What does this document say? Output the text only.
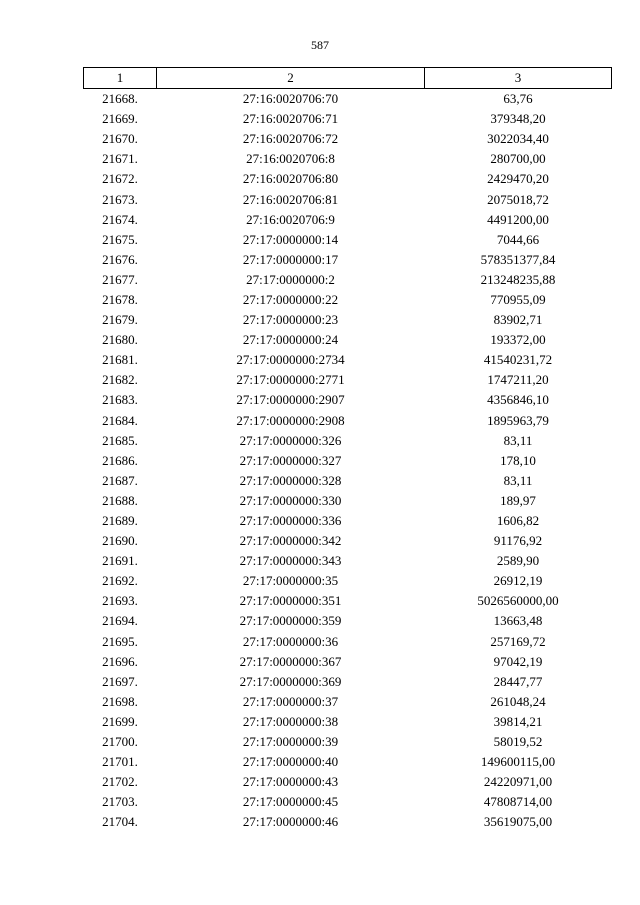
587
1	2	3
21668.	27:16:0020706:70	63,76
21669.	27:16:0020706:71	379348,20
21670.	27:16:0020706:72	3022034,40
21671.	27:16:0020706:8	280700,00
21672.	27:16:0020706:80	2429470,20
21673.	27:16:0020706:81	2075018,72
21674.	27:16:0020706:9	4491200,00
21675.	27:17:0000000:14	7044,66
21676.	27:17:0000000:17	578351377,84
21677.	27:17:0000000:2	213248235,88
21678.	27:17:0000000:22	770955,09
21679.	27:17:0000000:23	83902,71
21680.	27:17:0000000:24	193372,00
21681.	27:17:0000000:2734	41540231,72
21682.	27:17:0000000:2771	1747211,20
21683.	27:17:0000000:2907	4356846,10
21684.	27:17:0000000:2908	1895963,79
21685.	27:17:0000000:326	83,11
21686.	27:17:0000000:327	178,10
21687.	27:17:0000000:328	83,11
21688.	27:17:0000000:330	189,97
21689.	27:17:0000000:336	1606,82
21690.	27:17:0000000:342	91176,92
21691.	27:17:0000000:343	2589,90
21692.	27:17:0000000:35	26912,19
21693.	27:17:0000000:351	5026560000,00
21694.	27:17:0000000:359	13663,48
21695.	27:17:0000000:36	257169,72
21696.	27:17:0000000:367	97042,19
21697.	27:17:0000000:369	28447,77
21698.	27:17:0000000:37	261048,24
21699.	27:17:0000000:38	39814,21
21700.	27:17:0000000:39	58019,52
21701.	27:17:0000000:40	149600115,00
21702.	27:17:0000000:43	24220971,00
21703.	27:17:0000000:45	47808714,00
21704.	27:17:0000000:46	35619075,00
